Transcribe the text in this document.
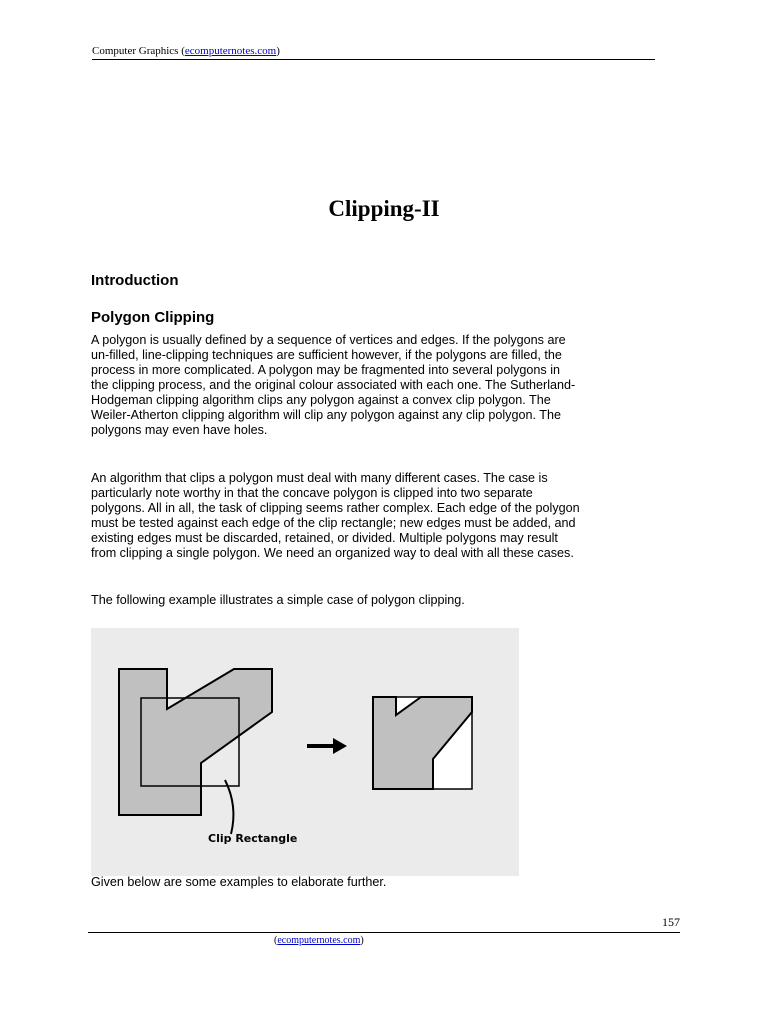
Computer Graphics (ecomputernotes.com)
Clipping-II
Introduction
Polygon Clipping
A polygon is usually defined by a sequence of vertices and edges. If the polygons are
un-filled, line-clipping techniques are sufficient however, if the polygons are filled, the
process in more complicated. A polygon may be fragmented into several polygons in
the clipping process, and the original colour associated with each one. The Sutherland-
Hodgeman clipping algorithm clips any polygon against a convex clip polygon. The
Weiler-Atherton clipping algorithm will clip any polygon against any clip polygon. The
polygons may even have holes.
An algorithm that clips a polygon must deal with many different cases. The case is
particularly note worthy in that the concave polygon is clipped into two separate
polygons. All in all, the task of clipping seems rather complex. Each edge of the polygon
must be tested against each edge of the clip rectangle; new edges must be added, and
existing edges must be discarded, retained, or divided. Multiple polygons may result
from clipping a single polygon. We need an organized way to deal with all these cases.
The following example illustrates a simple case of polygon clipping.
Clip Rectangle
Given below are some examples to elaborate further.
157
(ecomputernotes.com)
